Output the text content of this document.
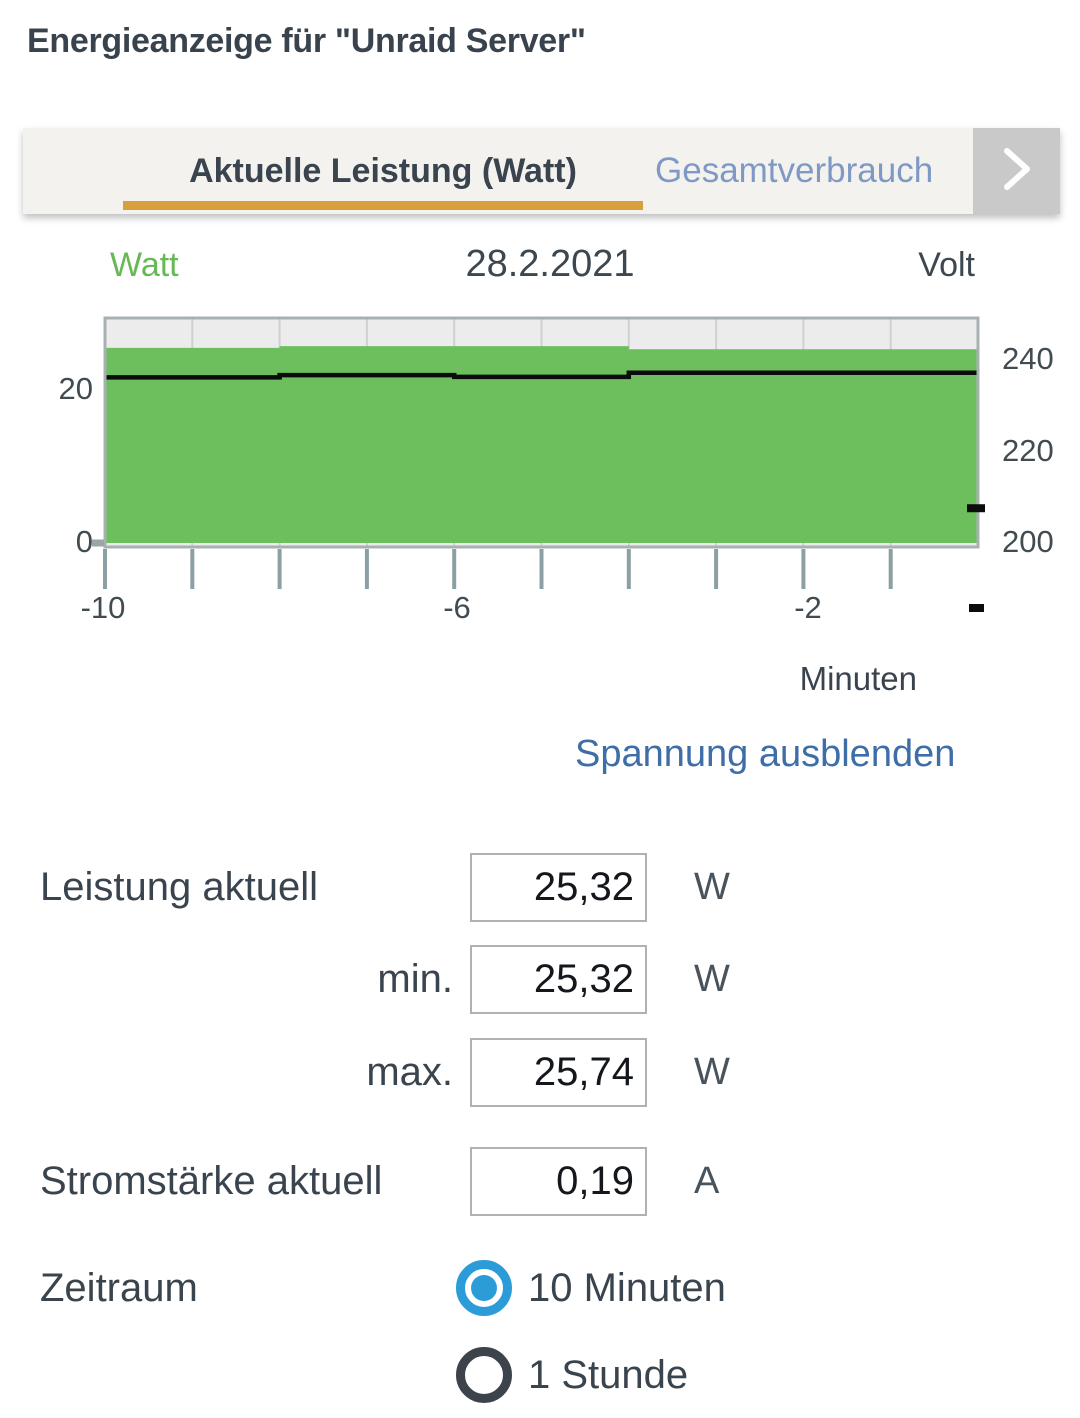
Energieanzeige für "Unraid Server"
Aktuelle Leistung (Watt)	Gesamtverbrauch
Watt	28.2.2021	Volt
20
0
240
220
200
-10	-6	-2
Minuten
Spannung ausblenden
Leistung aktuell	25,32 W
min.	25,32 W
max.	25,74 W
Stromstärke aktuell	0,19 A
Zeitraum	10 Minuten
1 Stunde
